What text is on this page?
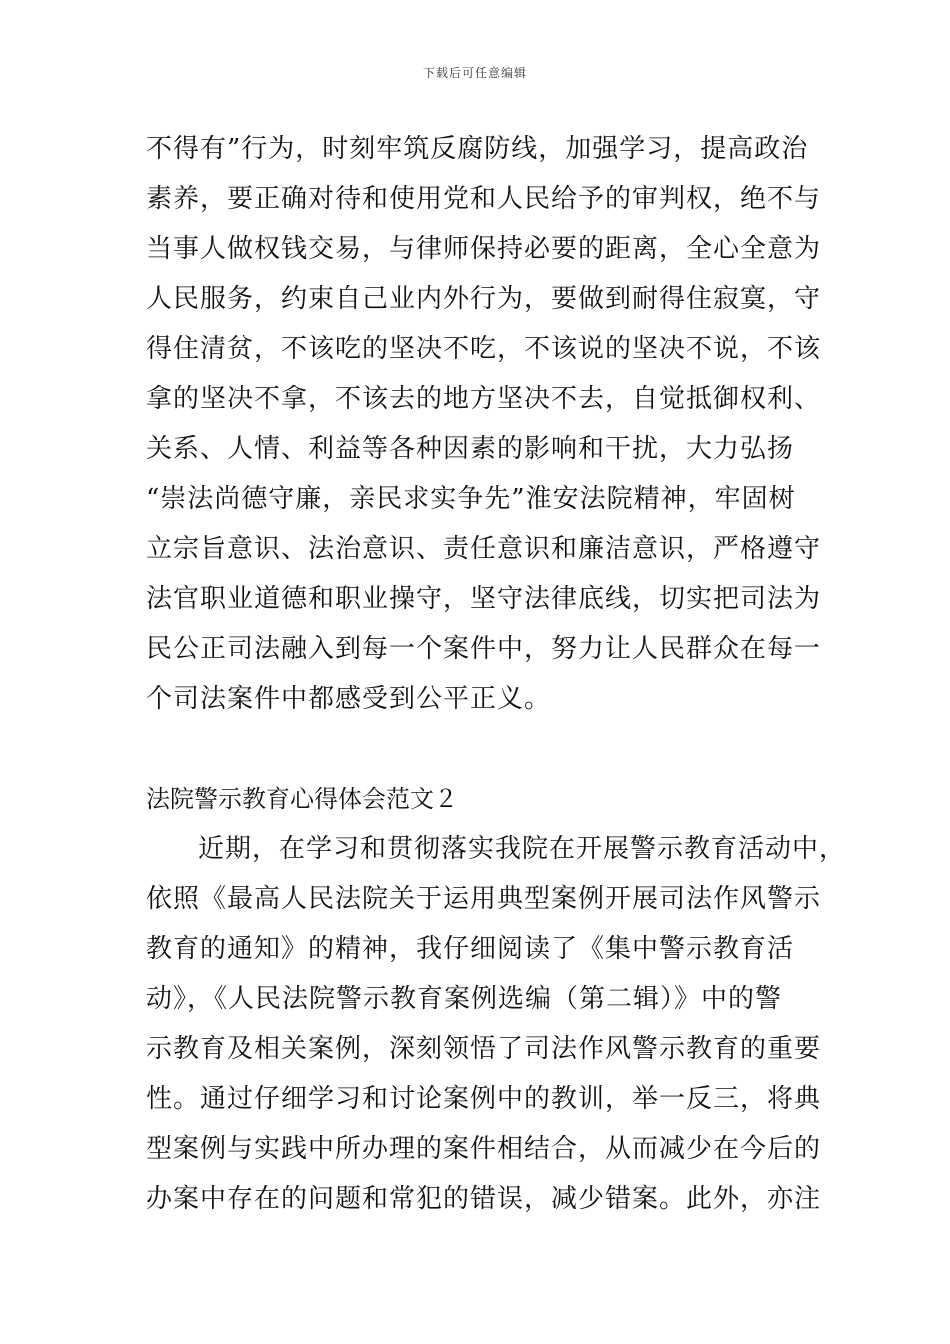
下载后可任意编辑
不得有”行为，时刻牢筑反腐防线，加强学习，提高政治
素养，要正确对待和使用党和人民给予的审判权，绝不与
当事人做权钱交易，与律师保持必要的距离，全心全意为
人民服务，约束自己业内外行为，要做到耐得住寂寞，守
得住清贫，不该吃的坚决不吃，不该说的坚决不说，不该
拿的坚决不拿，不该去的地方坚决不去，自觉抵御权利、
关系、人情、利益等各种因素的影响和干扰，大力弘扬
“崇法尚德守廉，亲民求实争先”淮安法院精神，牢固树
立宗旨意识、法治意识、责任意识和廉洁意识，严格遵守
法官职业道德和职业操守，坚守法律底线，切实把司法为
民公正司法融入到每一个案件中，努力让人民群众在每一
个司法案件中都感受到公平正义。
法院警示教育心得体会范文２
近期，在学习和贯彻落实我院在开展警示教育活动中，
依照《最高人民法院关于运用典型案例开展司法作风警示
教育的通知》的精神，我仔细阅读了《集中警示教育活
动》，《人民法院警示教育案例选编（第二辑）》中的警
示教育及相关案例，深刻领悟了司法作风警示教育的重要
性。通过仔细学习和讨论案例中的教训，举一反三，将典
型案例与实践中所办理的案件相结合，从而减少在今后的
办案中存在的问题和常犯的错误，减少错案。此外，亦注
